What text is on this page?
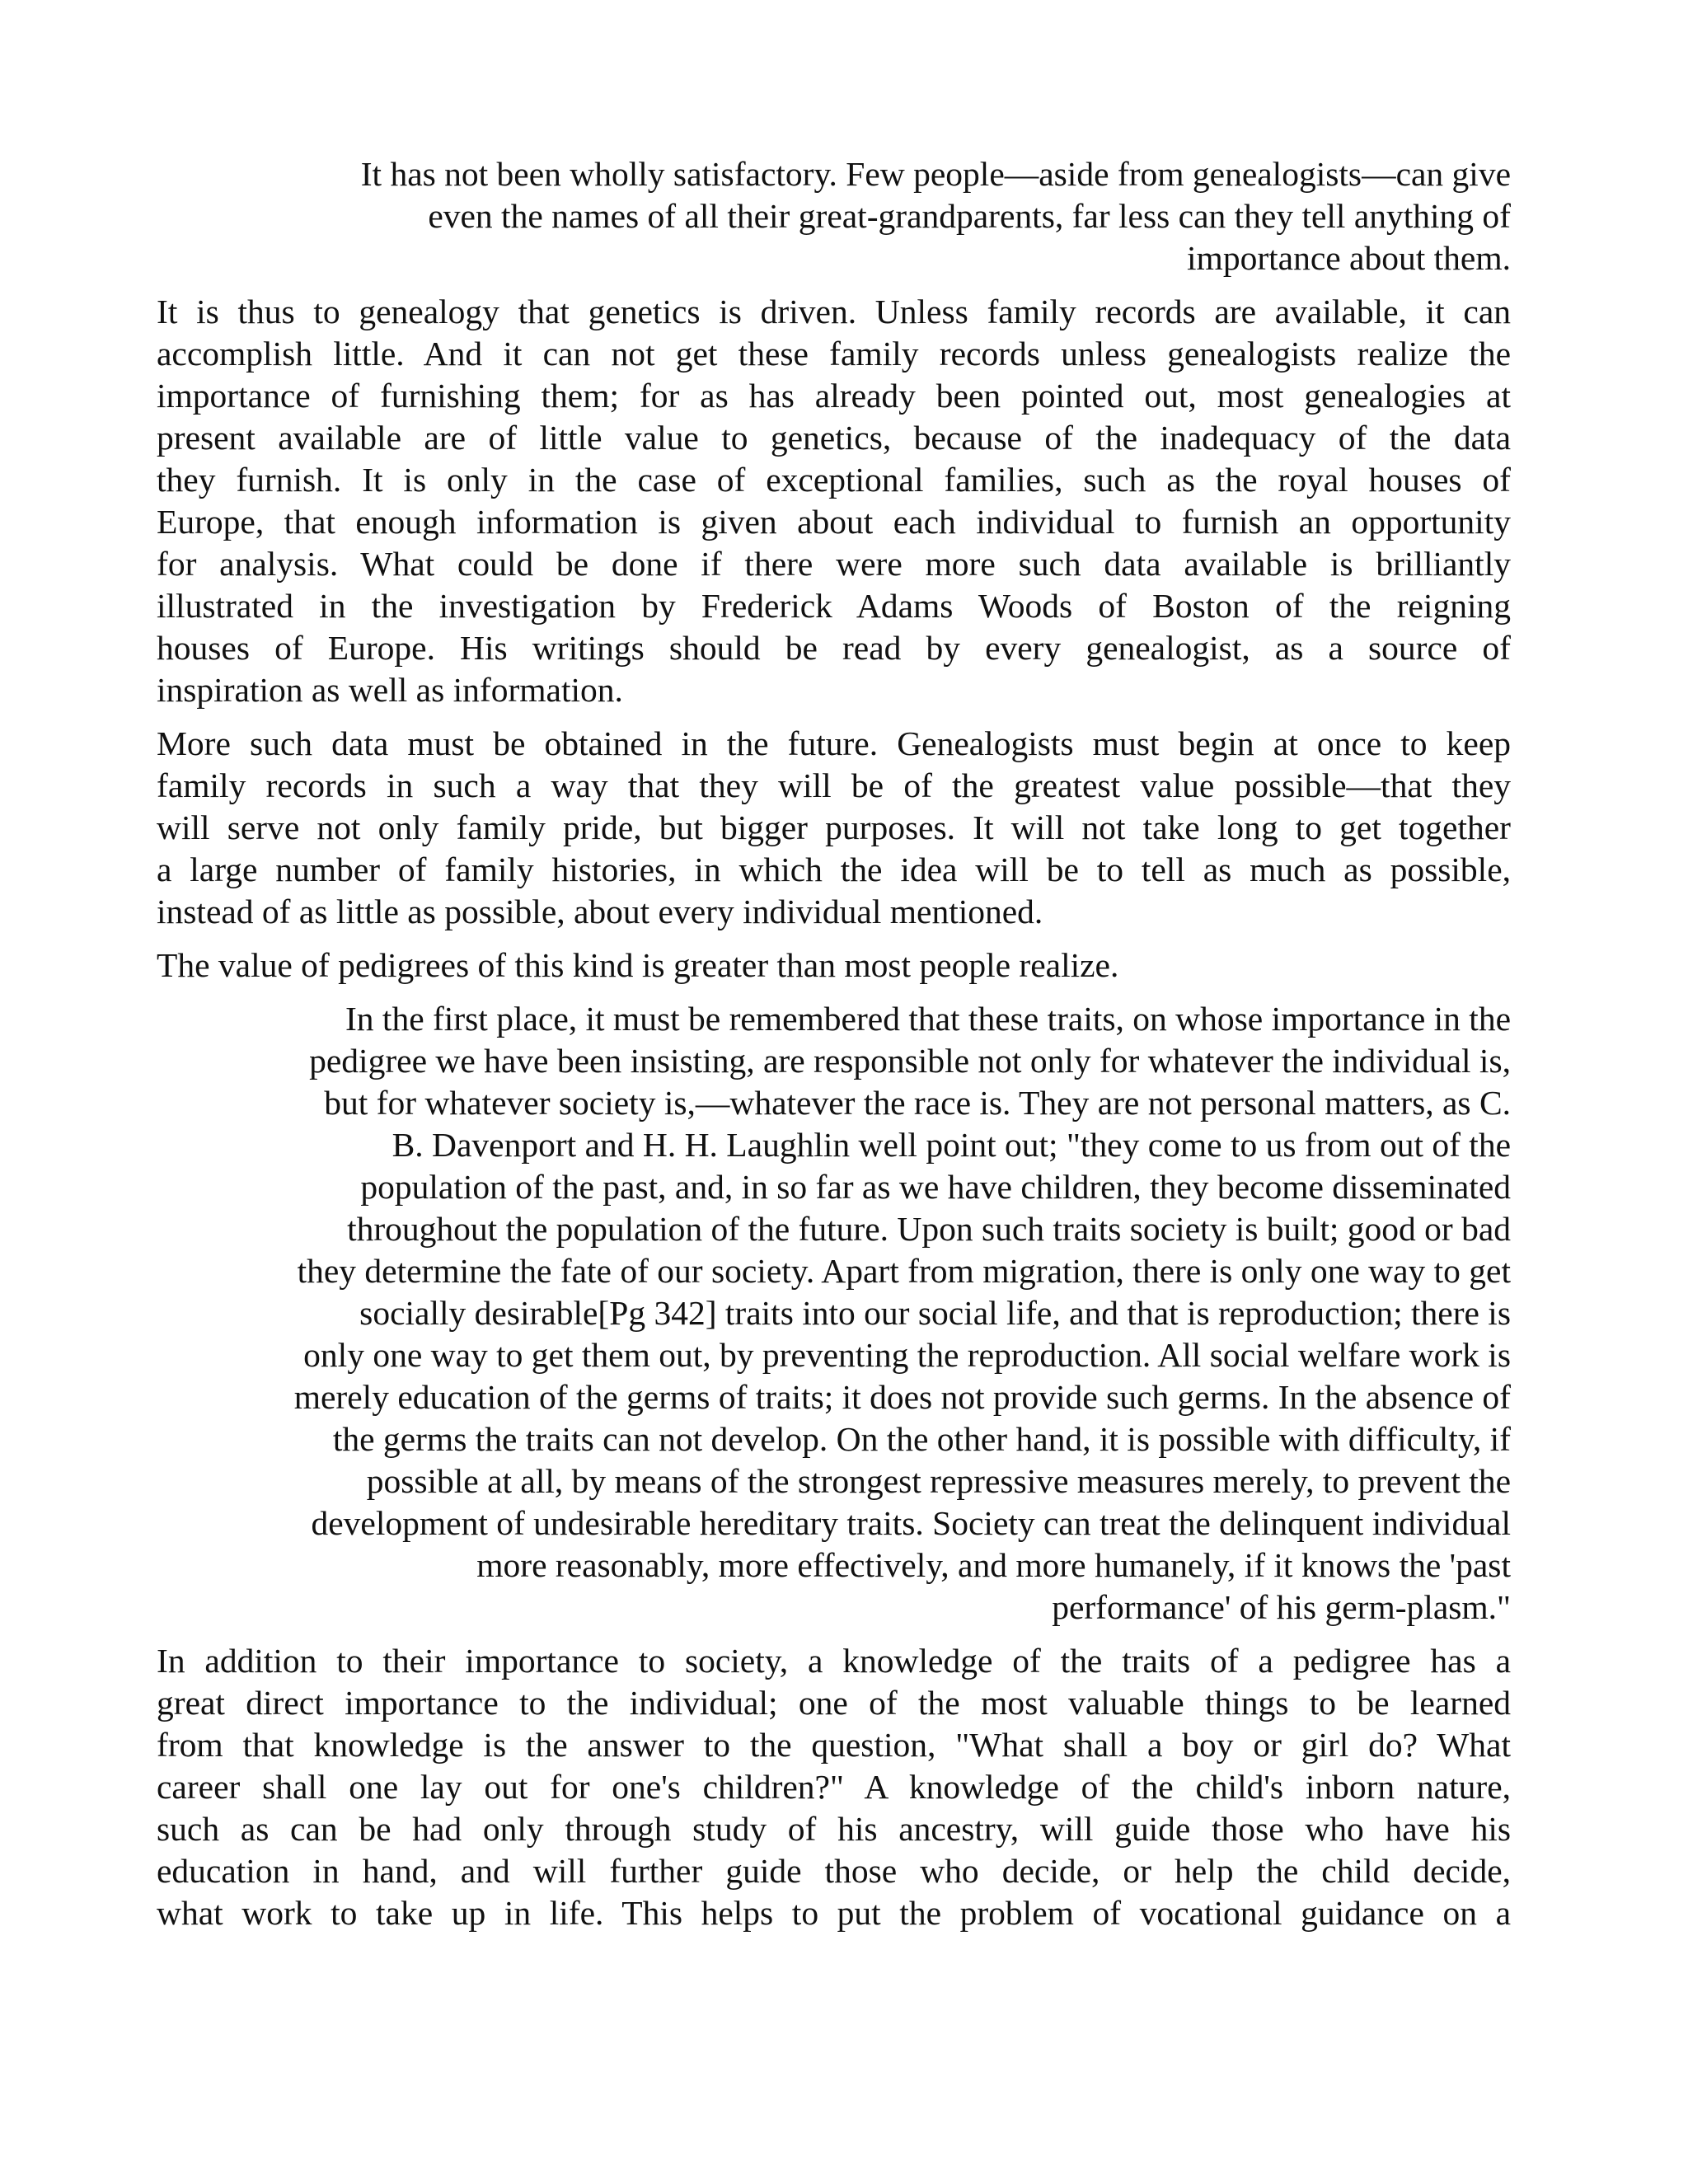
It has not been wholly satisfactory. Few people—aside from genealogists—can give
even the names of all their great-grandparents, far less can they tell anything of
importance about them.
It is thus to genealogy that genetics is driven. Unless family records are available, it can
accomplish little. And it can not get these family records unless genealogists realize the
importance of furnishing them; for as has already been pointed out, most genealogies at
present available are of little value to genetics, because of the inadequacy of the data
they furnish. It is only in the case of exceptional families, such as the royal houses of
Europe, that enough information is given about each individual to furnish an opportunity
for analysis. What could be done if there were more such data available is brilliantly
illustrated in the investigation by Frederick Adams Woods of Boston of the reigning
houses of Europe. His writings should be read by every genealogist, as a source of
inspiration as well as information.
More such data must be obtained in the future. Genealogists must begin at once to keep
family records in such a way that they will be of the greatest value possible—that they
will serve not only family pride, but bigger purposes. It will not take long to get together
a large number of family histories, in which the idea will be to tell as much as possible,
instead of as little as possible, about every individual mentioned.
The value of pedigrees of this kind is greater than most people realize.
In the first place, it must be remembered that these traits, on whose importance in the
pedigree we have been insisting, are responsible not only for whatever the individual is,
but for whatever society is,—whatever the race is. They are not personal matters, as C.
B. Davenport and H. H. Laughlin well point out; "they come to us from out of the
population of the past, and, in so far as we have children, they become disseminated
throughout the population of the future. Upon such traits society is built; good or bad
they determine the fate of our society. Apart from migration, there is only one way to get
socially desirable[Pg 342] traits into our social life, and that is reproduction; there is
only one way to get them out, by preventing the reproduction. All social welfare work is
merely education of the germs of traits; it does not provide such germs. In the absence of
the germs the traits can not develop. On the other hand, it is possible with difficulty, if
possible at all, by means of the strongest repressive measures merely, to prevent the
development of undesirable hereditary traits. Society can treat the delinquent individual
more reasonably, more effectively, and more humanely, if it knows the 'past
performance' of his germ-plasm."
In addition to their importance to society, a knowledge of the traits of a pedigree has a
great direct importance to the individual; one of the most valuable things to be learned
from that knowledge is the answer to the question, "What shall a boy or girl do? What
career shall one lay out for one's children?" A knowledge of the child's inborn nature,
such as can be had only through study of his ancestry, will guide those who have his
education in hand, and will further guide those who decide, or help the child decide,
what work to take up in life. This helps to put the problem of vocational guidance on a
